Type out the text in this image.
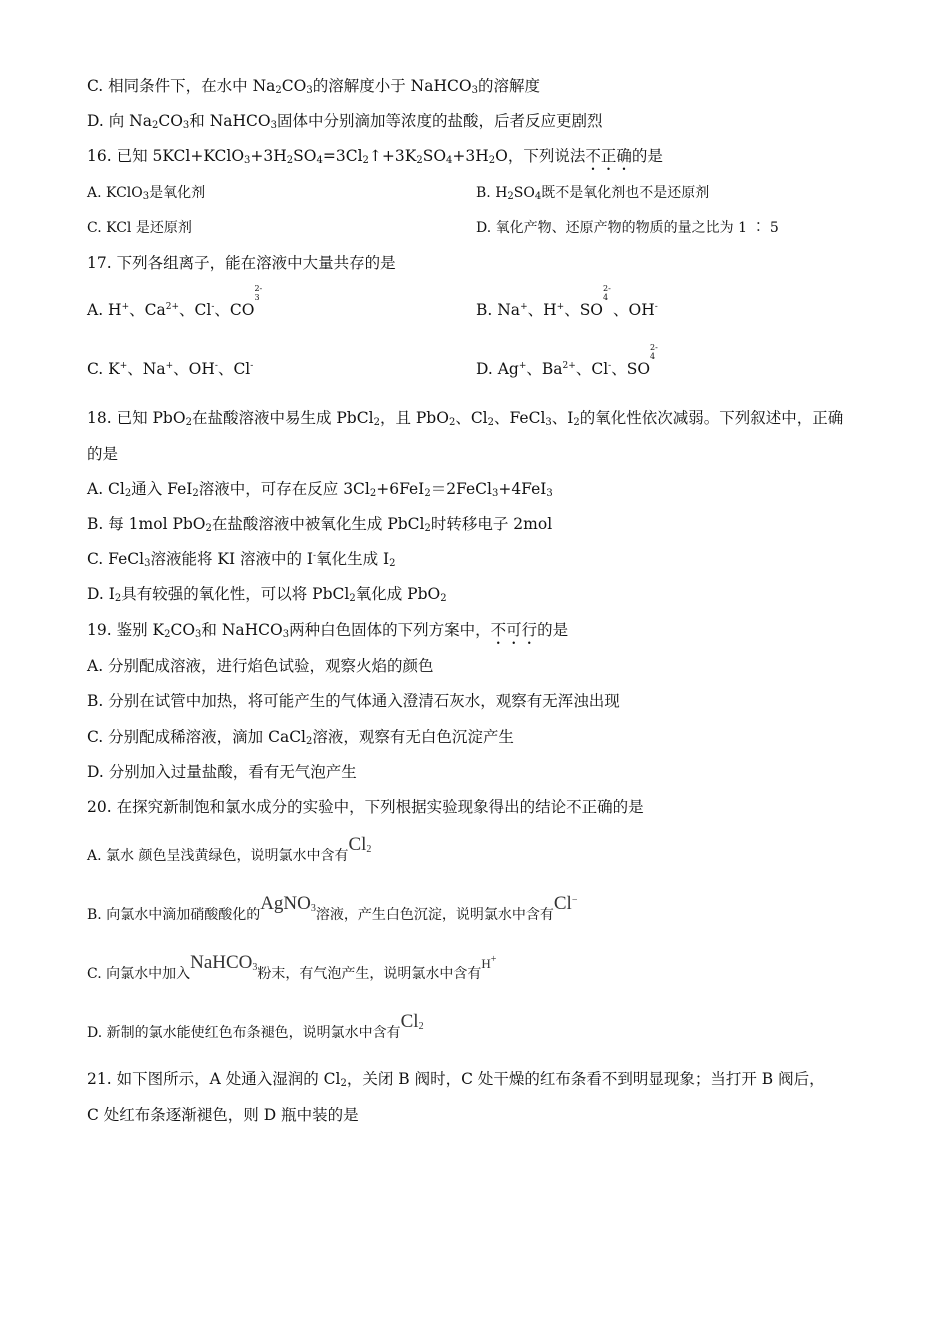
C. 相同条件下，在水中 $Na_2CO_3$的溶解度小于 NaHCO$_3$的溶解度
D. 向 $Na_2CO_3$和 NaHCO$_3$固体中分别滴加等浓度的盐酸，后者反应更剧烈
16. 已知 $5KCl+KClO_3+3H_2SO_4=3Cl_2↑+3K_2SO_4+3H_2O$，下列说法不正确的是
A. KClO$_3$是氧化剂	B. $H_2SO_4$既不是氧化剂也不是还原剂
C. KCl 是还原剂	D. 氧化产物、还原产物的物质的量之比为 1 ∶ 5
17. 下列各组离子，能在溶液中大量共存的是
A. H+、$Ca^{2+}$、Cl-、CO
2-
3
B. Na+、H+、SO
2-
4
、OH-
C. K+、Na+、OH-、Cl-	D. Ag+、$Ba^{2+}$、Cl-、SO
2-
4
18. 已知 PbO$_2$在盐酸溶液中易生成 PbCl$_2$，且 PbO$_2$、$Cl_2$、FeCl$_3$、$I_2$的氧化性依次减弱。下列叙述中，正确
的是
A. $Cl_2$通入 FeI$_2$溶液中，可存在反应 $3Cl_2+6FeI_2=2FeCl_3+4FeI_3$
B. 每 1mol PbO$_2$在盐酸溶液中被氧化生成 PbCl$_2$时转移电子 2mol
C. FeCl$_3$溶液能将 KI 溶液中的 I-氧化生成 $I_2$
D. $I_2$具有较强的氧化性，可以将 PbCl$_2$氧化成 PbO$_2$
19. 鉴别 $K_2CO_3$和 NaHCO$_3$两种白色固体的下列方案中，不可行的是
A. 分别配成溶液，进行焰色试验，观察火焰的颜色
B. 分别在试管中加热，将可能产生的气体通入澄清石灰水，观察有无浑浊出现
C. 分别配成稀溶液，滴加 CaCl$_2$溶液，观察有无白色沉淀产生
D. 分别加入过量盐酸，看有无气泡产生
20. 在探究新制饱和氯水成分的实验中，下列根据实验现象得出的结论不正确的是
A. 氯水 颜色呈浅黄绿色，说明氯水中含有$Cl_2$
B. 向氯水中滴加硝酸酸化的AgNO$_3$溶液，产生白色沉淀，说明氯水中含有Cl−
C. 向氯水中加入NaHCO$_3$粉末，有气泡产生，说明氯水中含有H+
D. 新制的氯水能使红色布条褪色，说明氯水中含有$Cl_2$
21. 如下图所示，A 处通入湿润的 $Cl_2$，关闭 B 阀时，C 处干燥的红布条看不到明显现象；当打开 B 阀后，
C 处红布条逐渐褪色，则 D 瓶中装的是
